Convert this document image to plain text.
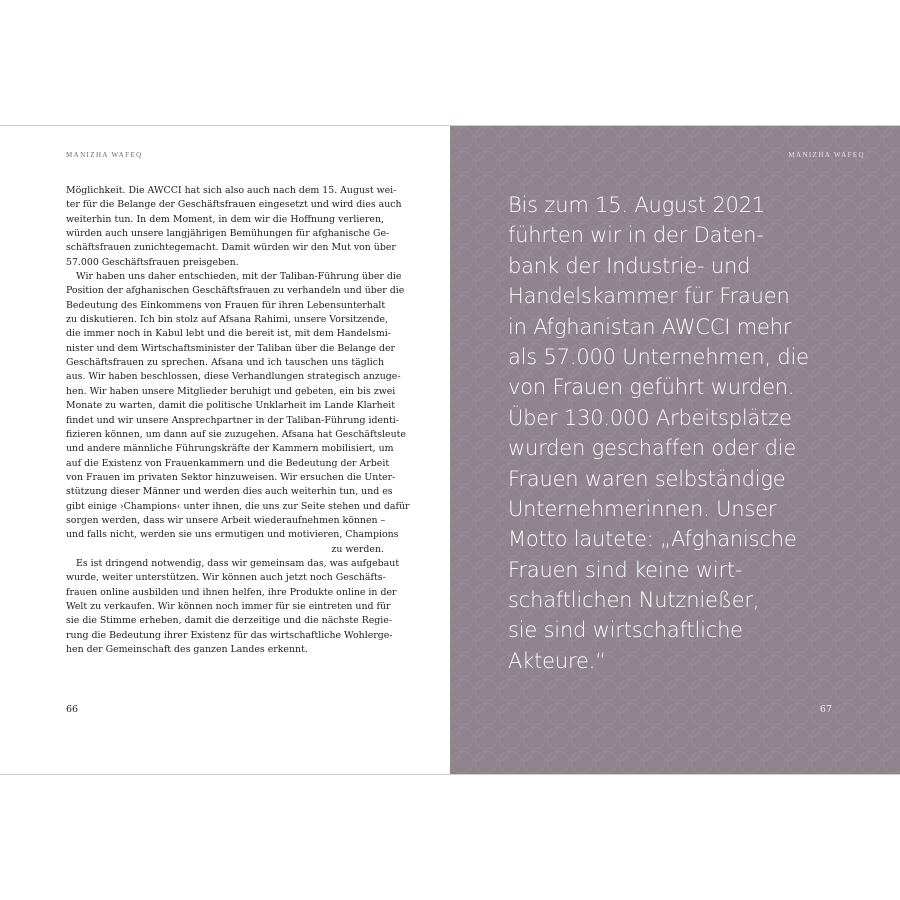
MANIZHA WAFEQ
Möglichkeit. Die AWCCI hat sich also auch nach dem 15. August wei-
ter für die Belange der Geschäftsfrauen eingesetzt und wird dies auch
weiterhin tun. In dem Moment, in dem wir die Hoffnung verlieren,
würden auch unsere langjährigen Bemühungen für afghanische Ge-
schäftsfrauen zunichtegemacht. Damit würden wir den Mut von über
57.000 Geschäftsfrauen preisgeben.
Wir haben uns daher entschieden, mit der Taliban-Führung über die
Position der afghanischen Geschäftsfrauen zu verhandeln und über die
Bedeutung des Einkommens von Frauen für ihren Lebensunterhalt
zu diskutieren. Ich bin stolz auf Afsana Rahimi, unsere Vorsitzende,
die immer noch in Kabul lebt und die bereit ist, mit dem Handelsmi-
nister und dem Wirtschaftsminister der Taliban über die Belange der
Geschäftsfrauen zu sprechen. Afsana und ich tauschen uns täglich
aus. Wir haben beschlossen, diese Verhandlungen strategisch anzuge-
hen. Wir haben unsere Mitglieder beruhigt und gebeten, ein bis zwei
Monate zu warten, damit die politische Unklarheit im Lande Klarheit
findet und wir unsere Ansprechpartner in der Taliban-Führung identi-
fizieren können, um dann auf sie zuzugehen. Afsana hat Geschäftsleute
und andere männliche Führungskräfte der Kammern mobilisiert, um
auf die Existenz von Frauenkammern und die Bedeutung der Arbeit
von Frauen im privaten Sektor hinzuweisen. Wir ersuchen die Unter-
stützung dieser Männer und werden dies auch weiterhin tun, und es
gibt einige ›Champions‹ unter ihnen, die uns zur Seite stehen und dafür
sorgen werden, dass wir unsere Arbeit wiederaufnehmen können –
und falls nicht, werden sie uns ermutigen und motivieren, Champions
zu werden.
Es ist dringend notwendig, dass wir gemeinsam das, was aufgebaut
wurde, weiter unterstützen. Wir können auch jetzt noch Geschäfts-
frauen online ausbilden und ihnen helfen, ihre Produkte online in der
Welt zu verkaufen. Wir können noch immer für sie eintreten und für
sie die Stimme erheben, damit die derzeitige und die nächste Regie-
rung die Bedeutung ihrer Existenz für das wirtschaftliche Wohlerge-
hen der Gemeinschaft des ganzen Landes erkennt.
66
MANIZHA WAFEQ
Bis zum 15. August 2021
führten wir in der Daten-
bank der Industrie- und
Handelskammer für Frauen
in Afghanistan AWCCI mehr
als 57.000 Unternehmen, die
von Frauen geführt wurden.
Über 130.000 Arbeitsplätze
wurden geschaffen oder die
Frauen waren selbständige
Unternehmerinnen. Unser
Motto lautete: „Afghanische
Frauen sind keine wirt-
schaftlichen Nutznießer,
sie sind wirtschaftliche
Akteure.“
67
